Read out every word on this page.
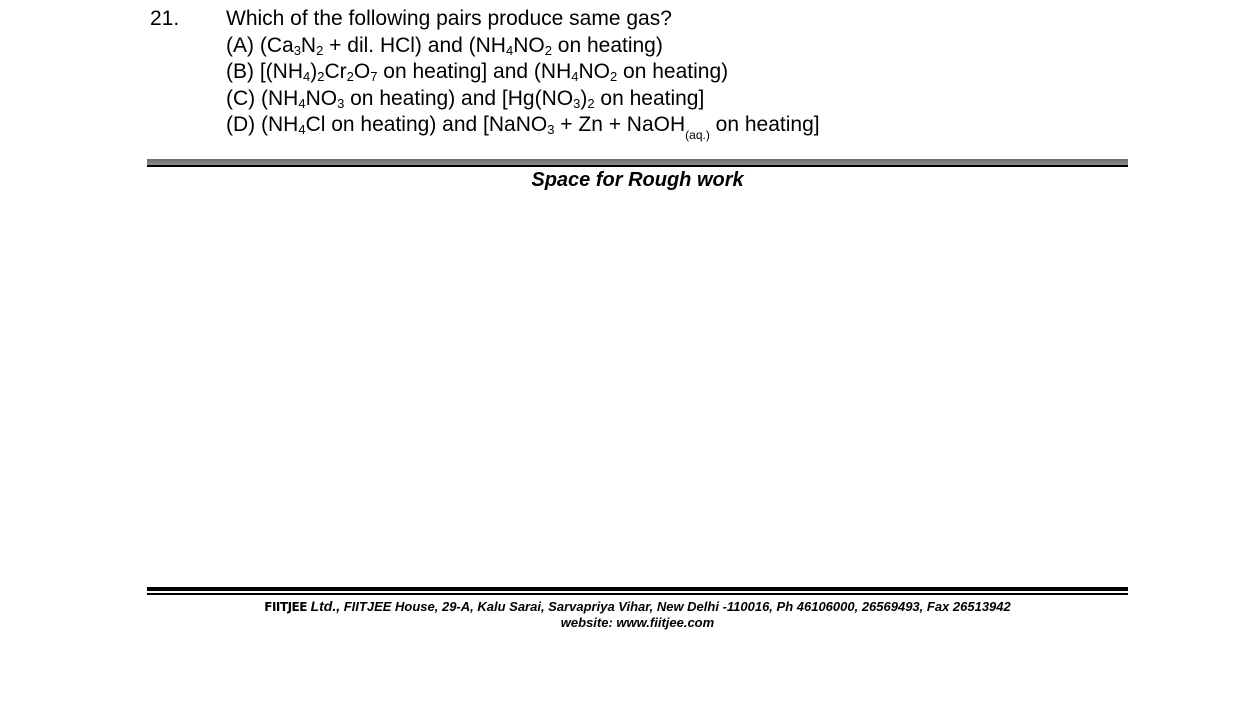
21. Which of the following pairs produce same gas?
(A) ($Ca_3N_2$ + dil. HCl) and ($NH_4NO_2$ on heating)
(B) [$(NH_4)_2Cr_2O_7$ on heating] and ($NH_4NO_2$ on heating)
(C) ($NH_4NO_3$ on heating) and [$Hg(NO_3)_2$ on heating]
(D) ($NH_4Cl$ on heating) and [NaNO$_3$ + Zn + NaOH$_{(aq.)}$ on heating]
Space for Rough work
FIITJEE Ltd., FIITJEE House, 29-A, Kalu Sarai, Sarvapriya Vihar, New Delhi -110016, Ph 46106000, 26569493, Fax 26513942
website: www.fiitjee.com
